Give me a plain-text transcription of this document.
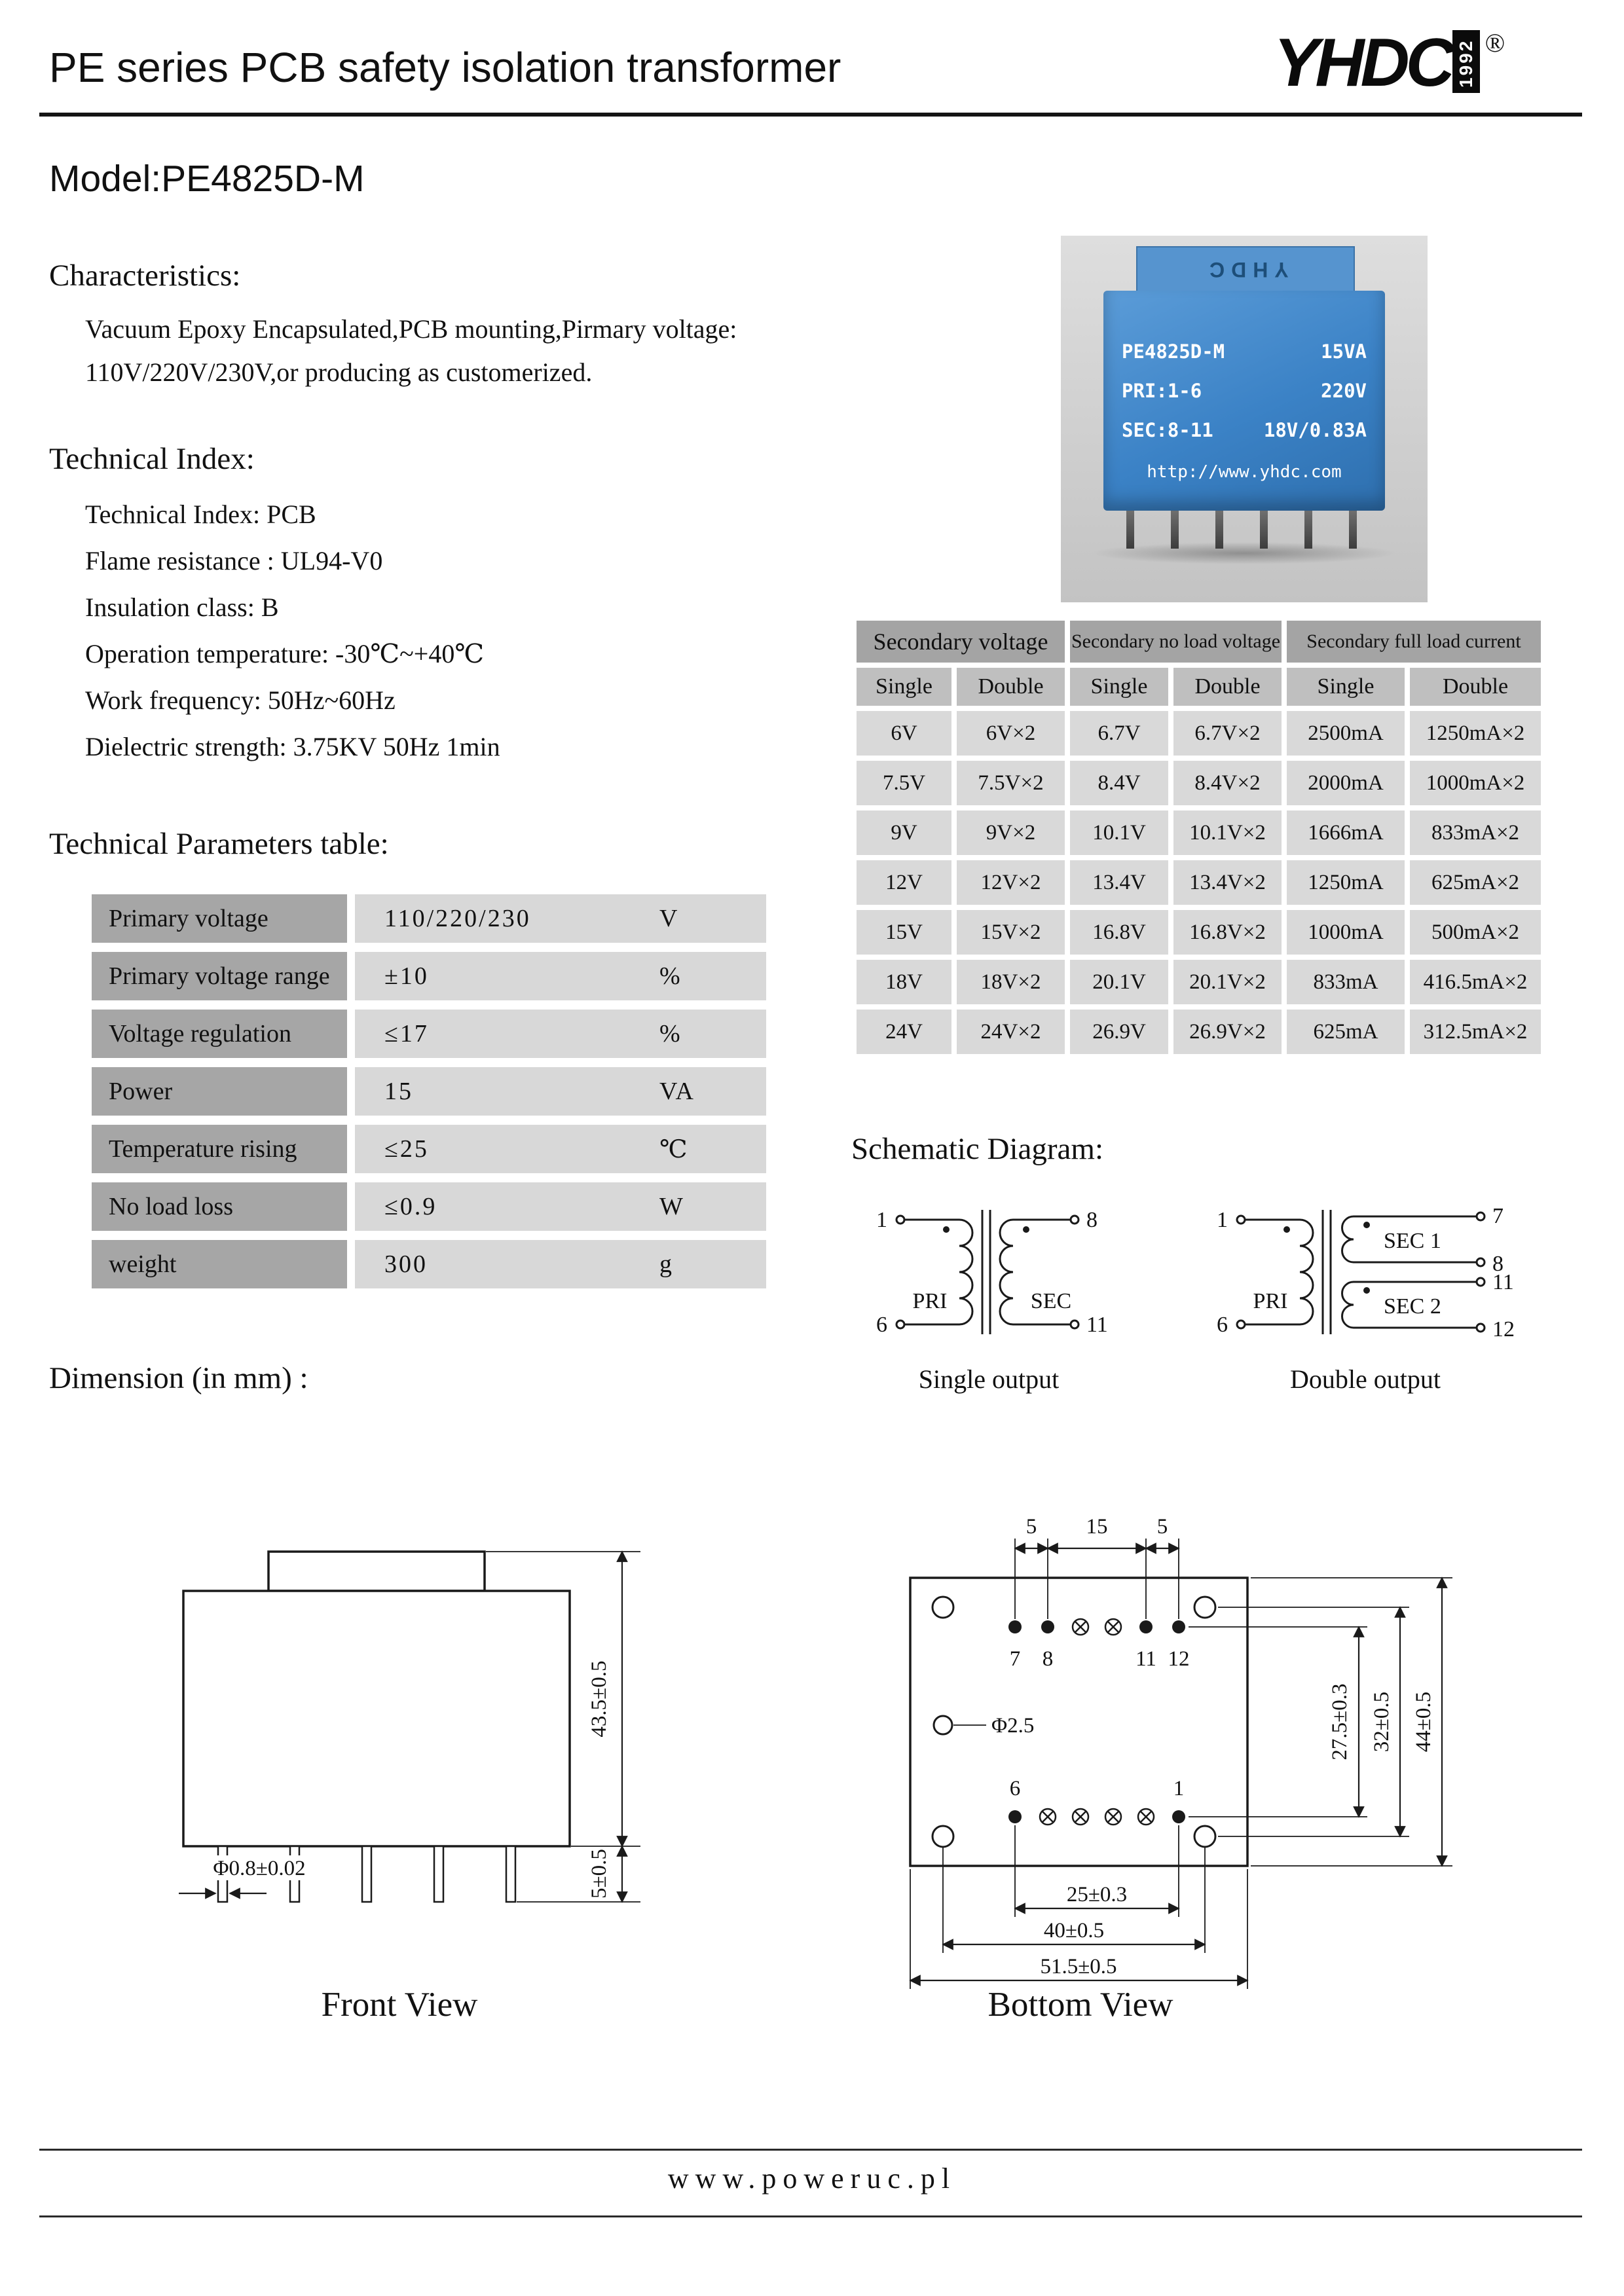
PE series PCB safety isolation transformer	YHDC 1992 ®
Model:PE4825D-M
Characteristics:
Vacuum Epoxy Encapsulated,PCB mounting,Pirmary voltage:
110V/220V/230V,or producing as customerized.
Technical Index:
Technical Index: PCB
Flame resistance : UL94-V0
Insulation class: B
Operation temperature: -30℃~+40℃
Work frequency: 50Hz~60Hz
Dielectric strength: 3.75KV 50Hz 1min
Technical Parameters table:
Primary voltage	110/220/230	V
Primary voltage range	±10	%
Voltage regulation	≤17	%
Power	15	VA
Temperature rising	≤25	℃
No load loss	≤0.9	W
weight	300	g
YHDC
PE4825D-M	15VA
PRI:1-6	220V
SEC:8-11	18V/0.83A
http://www.yhdc.com
Secondary voltage		Secondary no load voltage		Secondary full load current	
Single	Double	Single	Double	Single	Double
6V	6V×2	6.7V	6.7V×2	2500mA	1250mA×2
7.5V	7.5V×2	8.4V	8.4V×2	2000mA	1000mA×2
9V	9V×2	10.1V	10.1V×2	1666mA	833mA×2
12V	12V×2	13.4V	13.4V×2	1250mA	625mA×2
15V	15V×2	16.8V	16.8V×2	1000mA	500mA×2
18V	18V×2	20.1V	20.1V×2	833mA	416.5mA×2
24V	24V×2	26.9V	26.9V×2	625mA	312.5mA×2
Schematic Diagram:
1
6
8
11
PRI	SEC
Single output
1
6
7
8
11
12
PRI
SEC 1
SEC 2
Double output
Dimension (in mm) :
43.5±0.5
5±0.5
Φ0.8±0.02
5 15 5
7 8	11 12
6	1
Φ2.5	27.5±0.3 32±0.5 44±0.5
25±0.3
40±0.5
51.5±0.5
Front View	Bottom View
www.poweruc.pl
